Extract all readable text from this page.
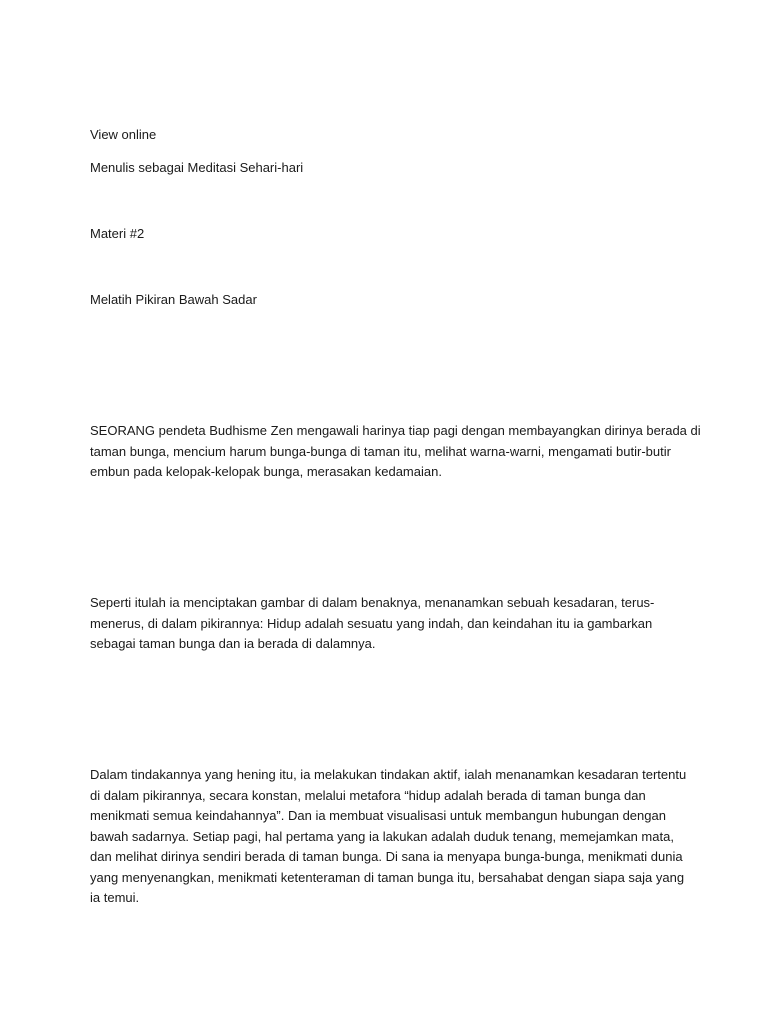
View online

Menulis sebagai Meditasi Sehari-hari

Materi #2

Melatih Pikiran Bawah Sadar

SEORANG pendeta Budhisme Zen mengawali harinya tiap pagi dengan membayangkan dirinya berada di
taman bunga, mencium harum bunga-bunga di taman itu, melihat warna-warni, mengamati butir-butir
embun pada kelopak-kelopak bunga, merasakan kedamaian.
Seperti itulah ia menciptakan gambar di dalam benaknya, menanamkan sebuah kesadaran, terus-
menerus, di dalam pikirannya: Hidup adalah sesuatu yang indah, dan keindahan itu ia gambarkan
sebagai taman bunga dan ia berada di dalamnya.
Dalam tindakannya yang hening itu, ia melakukan tindakan aktif, ialah menanamkan kesadaran tertentu
di dalam pikirannya, secara konstan, melalui metafora “hidup adalah berada di taman bunga dan
menikmati semua keindahannya”. Dan ia membuat visualisasi untuk membangun hubungan dengan
bawah sadarnya. Setiap pagi, hal pertama yang ia lakukan adalah duduk tenang, memejamkan mata,
dan melihat dirinya sendiri berada di taman bunga. Di sana ia menyapa bunga-bunga, menikmati dunia
yang menyenangkan, menikmati ketenteraman di taman bunga itu, bersahabat dengan siapa saja yang
ia temui.
